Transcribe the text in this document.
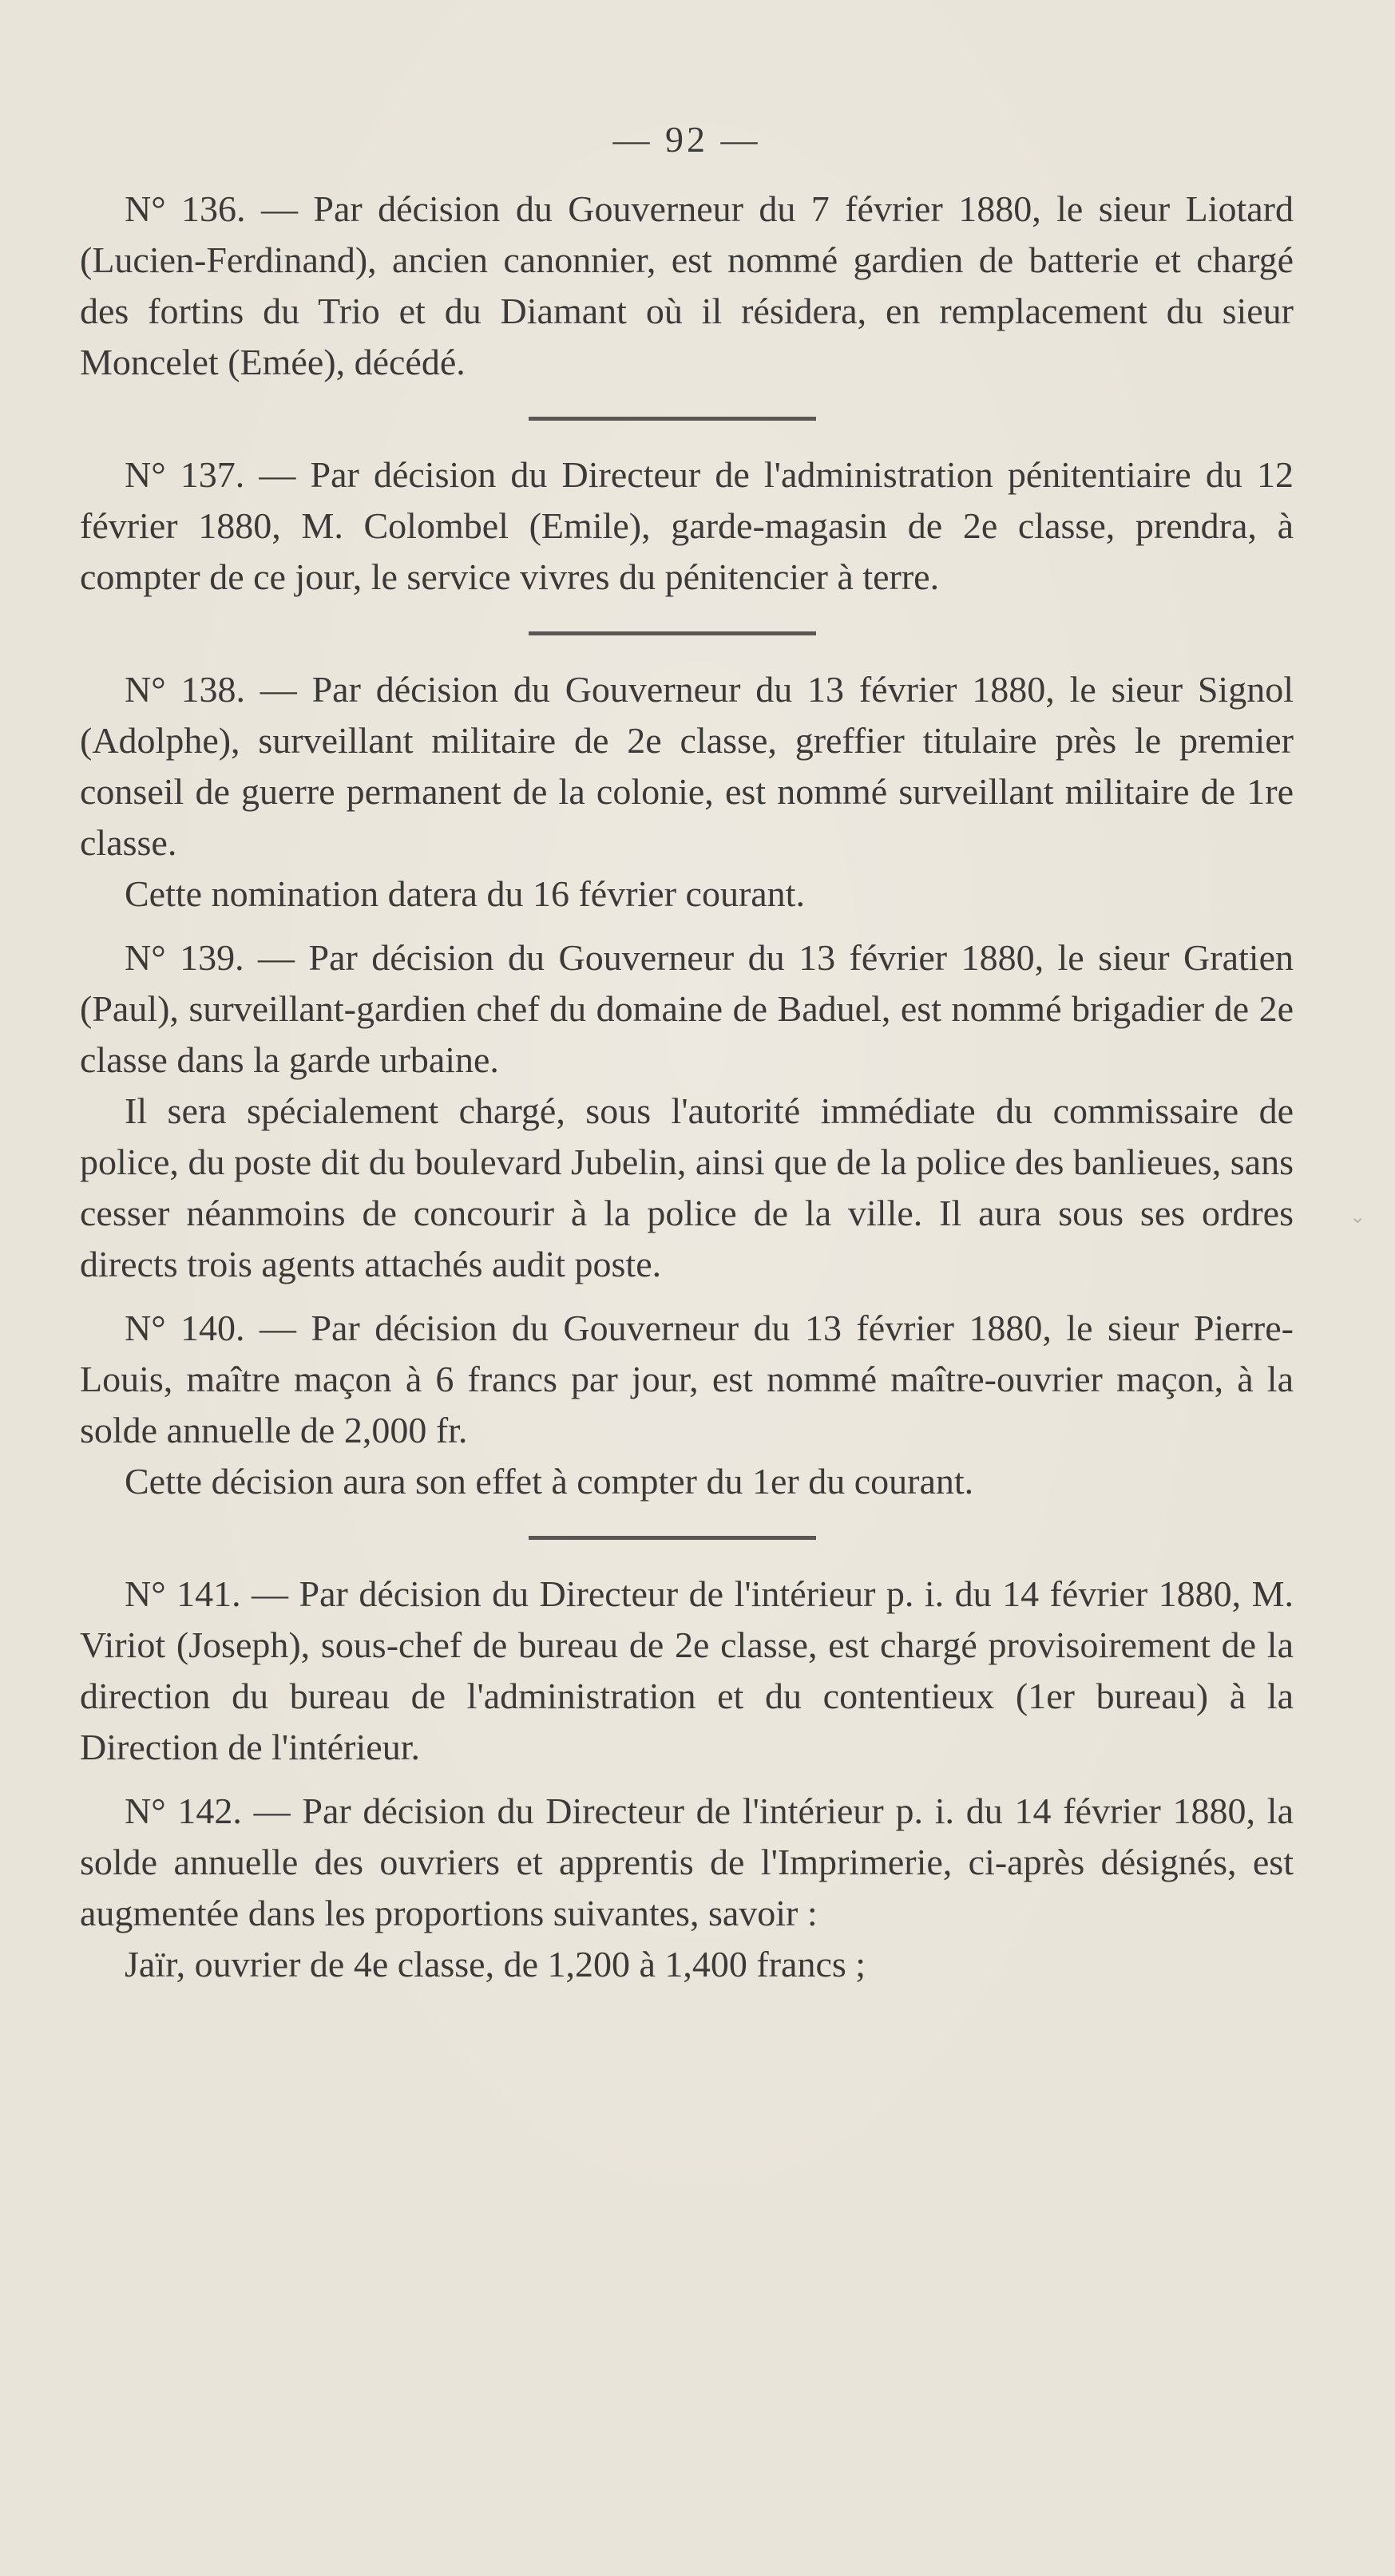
— 92 —

N° 136. — Par décision du Gouverneur du 7 février 1880, le sieur Liotard (Lucien-Ferdinand), ancien canonnier, est nommé gardien de batterie et chargé des fortins du Trio et du Diamant où il résidera, en remplacement du sieur Moncelet (Emée), décédé.

N° 137. — Par décision du Directeur de l'administration pénitentiaire du 12 février 1880, M. Colombel (Emile), garde-magasin de 2e classe, prendra, à compter de ce jour, le service vivres du pénitencier à terre.

N° 138. — Par décision du Gouverneur du 13 février 1880, le sieur Signol (Adolphe), surveillant militaire de 2e classe, greffier titulaire près le premier conseil de guerre permanent de la colonie, est nommé surveillant militaire de 1re classe.

Cette nomination datera du 16 février courant.

N° 139. — Par décision du Gouverneur du 13 février 1880, le sieur Gratien (Paul), surveillant-gardien chef du domaine de Baduel, est nommé brigadier de 2e classe dans la garde urbaine.

Il sera spécialement chargé, sous l'autorité immédiate du commissaire de police, du poste dit du boulevard Jubelin, ainsi que de la police des banlieues, sans cesser néanmoins de concourir à la police de la ville. Il aura sous ses ordres directs trois agents attachés audit poste.

N° 140. — Par décision du Gouverneur du 13 février 1880, le sieur Pierre-Louis, maître maçon à 6 francs par jour, est nommé maître-ouvrier maçon, à la solde annuelle de 2,000 fr.

Cette décision aura son effet à compter du 1er du courant.

N° 141. — Par décision du Directeur de l'intérieur p. i. du 14 février 1880, M. Viriot (Joseph), sous-chef de bureau de 2e classe, est chargé provisoirement de la direction du bureau de l'administration et du contentieux (1er bureau) à la Direction de l'intérieur.

N° 142. — Par décision du Directeur de l'intérieur p. i. du 14 février 1880, la solde annuelle des ouvriers et apprentis de l'Imprimerie, ci-après désignés, est augmentée dans les proportions suivantes, savoir :

Jaïr, ouvrier de 4e classe, de 1,200 à 1,400 francs ;

⌄
